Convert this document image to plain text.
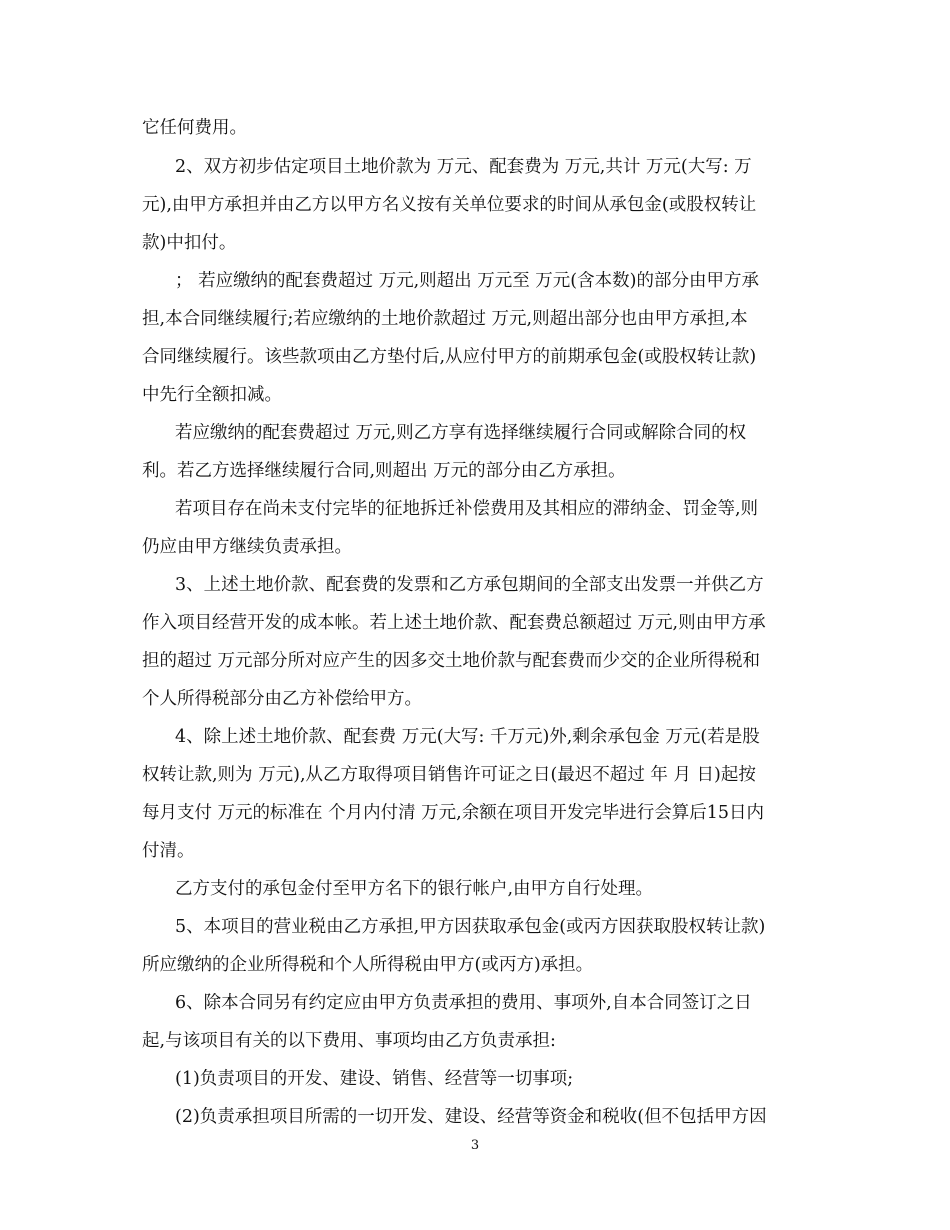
它任何费用。
2、双方初步估定项目土地价款为 万元、配套费为 万元,共计 万元(大写: 万
元),由甲方承担并由乙方以甲方名义按有关单位要求的时间从承包金(或股权转让
款)中扣付。
； 若应缴纳的配套费超过 万元,则超出 万元至 万元(含本数)的部分由甲方承
担,本合同继续履行;若应缴纳的土地价款超过 万元,则超出部分也由甲方承担,本
合同继续履行。该些款项由乙方垫付后,从应付甲方的前期承包金(或股权转让款)
中先行全额扣减。
若应缴纳的配套费超过 万元,则乙方享有选择继续履行合同或解除合同的权
利。若乙方选择继续履行合同,则超出 万元的部分由乙方承担。
若项目存在尚未支付完毕的征地拆迁补偿费用及其相应的滞纳金、罚金等,则
仍应由甲方继续负责承担。
3、上述土地价款、配套费的发票和乙方承包期间的全部支出发票一并供乙方
作入项目经营开发的成本帐。若上述土地价款、配套费总额超过 万元,则由甲方承
担的超过 万元部分所对应产生的因多交土地价款与配套费而少交的企业所得税和
个人所得税部分由乙方补偿给甲方。
4、除上述土地价款、配套费 万元(大写: 千万元)外,剩余承包金 万元(若是股
权转让款,则为 万元),从乙方取得项目销售许可证之日(最迟不超过 年 月 日)起按
每月支付 万元的标准在 个月内付清 万元,余额在项目开发完毕进行会算后15日内
付清。
乙方支付的承包金付至甲方名下的银行帐户,由甲方自行处理。
5、本项目的营业税由乙方承担,甲方因获取承包金(或丙方因获取股权转让款)
所应缴纳的企业所得税和个人所得税由甲方(或丙方)承担。
6、除本合同另有约定应由甲方负责承担的费用、事项外,自本合同签订之日
起,与该项目有关的以下费用、事项均由乙方负责承担:
(1)负责项目的开发、建设、销售、经营等一切事项;
(2)负责承担项目所需的一切开发、建设、经营等资金和税收(但不包括甲方因
3
